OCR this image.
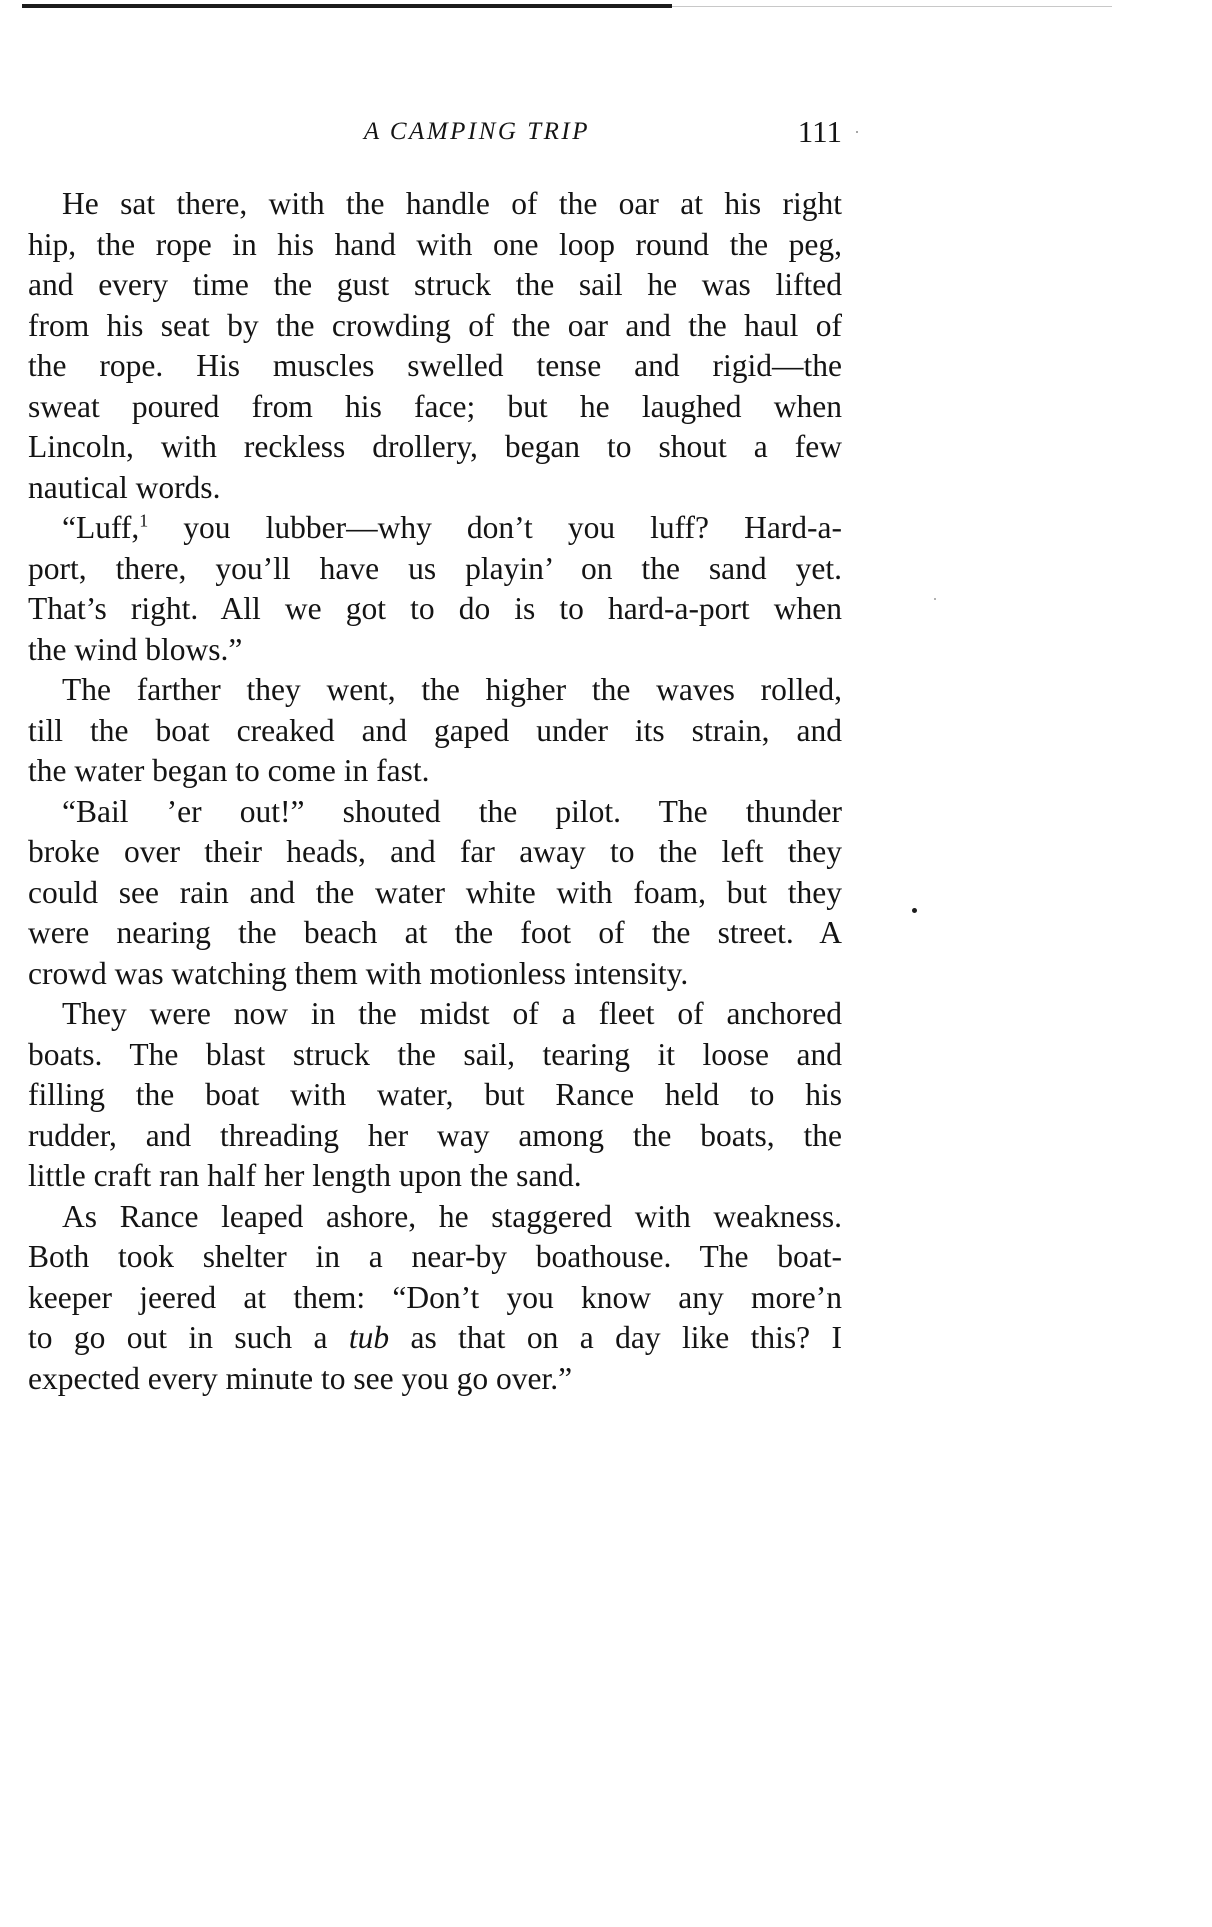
A CAMPING TRIP	111
He sat there, with the handle of the oar at his right
hip, the rope in his hand with one loop round the peg,
and every time the gust struck the sail he was lifted
from his seat by the crowding of the oar and the haul of
the rope. His muscles swelled tense and rigid—the
sweat poured from his face; but he laughed when
Lincoln, with reckless drollery, began to shout a few
nautical words.
“Luff,$^1$ you lubber—why don’t you luff? Hard-a-
port, there, you’ll have us playin’ on the sand yet.
That’s right. All we got to do is to hard-a-port when
the wind blows.”
The farther they went, the higher the waves rolled,
till the boat creaked and gaped under its strain, and
the water began to come in fast.
“Bail ’er out!” shouted the pilot. The thunder
broke over their heads, and far away to the left they
could see rain and the water white with foam, but they
were nearing the beach at the foot of the street. A
crowd was watching them with motionless intensity.
They were now in the midst of a fleet of anchored
boats. The blast struck the sail, tearing it loose and
filling the boat with water, but Rance held to his
rudder, and threading her way among the boats, the
little craft ran half her length upon the sand.
As Rance leaped ashore, he staggered with weakness.
Both took shelter in a near-by boathouse. The boat-
keeper jeered at them: “Don’t you know any more’n
to go out in such a tub as that on a day like this? I
expected every minute to see you go over.”
